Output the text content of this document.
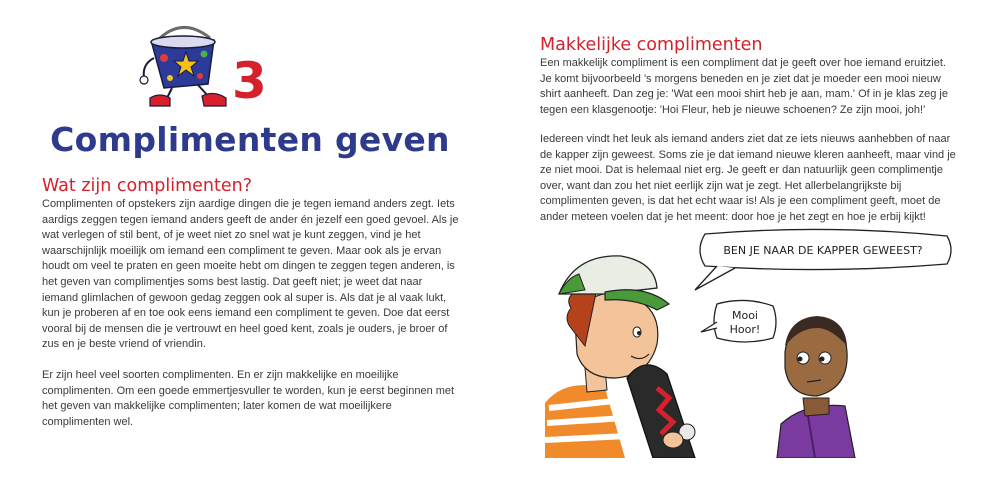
3
Complimenten geven
Wat zijn complimenten?

Complimenten of opstekers zijn aardige dingen die je tegen iemand anders zegt. Iets aardigs zeggen tegen iemand anders geeft de ander én jezelf een goed gevoel. Als je wat verlegen of stil bent, of je weet niet zo snel wat je kunt zeggen, vind je het waarschijnlijk moeilijk om iemand een compliment te geven. Maar ook als je ervan houdt om veel te praten en geen moeite hebt om dingen te zeggen tegen anderen, is het geven van complimentjes soms best lastig. Dat geeft niet; je weet dat naar iemand glimlachen of gewoon gedag zeggen ook al super is. Als dat je al vaak lukt, kun je proberen af en toe ook eens iemand een compliment te geven. Doe dat eerst vooral bij de mensen die je vertrouwt en heel goed kent, zoals je ouders, je broer of zus en je beste vriend of vriendin.

Er zijn heel veel soorten complimenten. En er zijn makkelijke en moeilijke complimenten. Om een goede emmertjesvuller te worden, kun je eerst beginnen met het geven van makkelijke complimenten; later komen de wat moeilijkere complimenten wel.

Makkelijke complimenten

Een makkelijk compliment is een compliment dat je geeft over hoe iemand eruitziet. Je komt bijvoorbeeld 's morgens beneden en je ziet dat je moeder een mooi nieuw shirt aanheeft. Dan zeg je: 'Wat een mooi shirt heb je aan, mam.' Of in je klas zeg je tegen een klasgenootje: 'Hoi Fleur, heb je nieuwe schoenen? Ze zijn mooi, joh!'

Iedereen vindt het leuk als iemand anders ziet dat ze iets nieuws aanhebben of naar de kapper zijn geweest. Soms zie je dat iemand nieuwe kleren aanheeft, maar vind je ze niet mooi. Dat is helemaal niet erg. Je geeft er dan natuurlijk geen complimentje over, want dan zou het niet eerlijk zijn wat je zegt. Het allerbelangrijkste bij complimenten geven, is dat het echt waar is! Als je een compliment geeft, moet de ander meteen voelen dat je het meent: door hoe je het zegt en hoe je erbij kijkt!

BEN JE NAAR DE KAPPER GEWEEST?
Mooi
Hoor!
